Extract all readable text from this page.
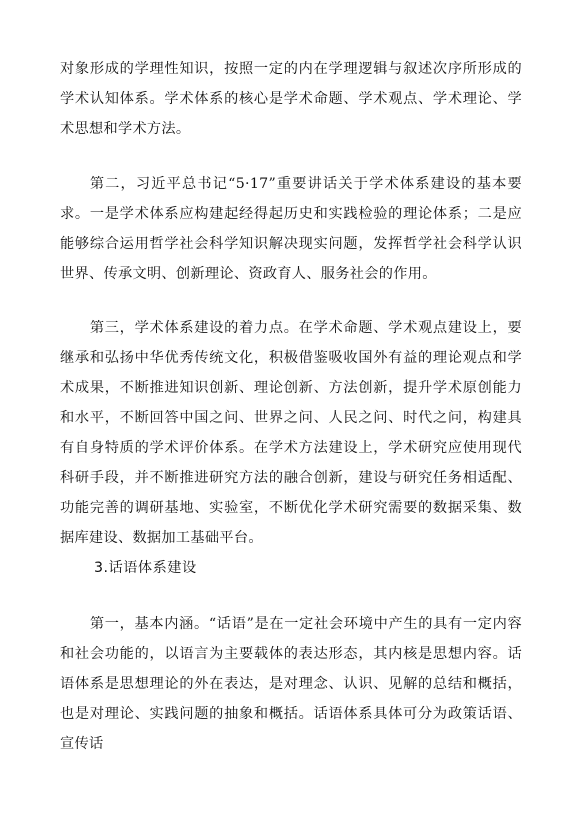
对象形成的学理性知识，按照一定的内在学理逻辑与叙述次序所形成的学术认知体系。学术体系的核心是学术命题、学术观点、学术理论、学术思想和学术方法。

第二，习近平总书记“5·17”重要讲话关于学术体系建设的基本要求。一是学术体系应构建起经得起历史和实践检验的理论体系；二是应能够综合运用哲学社会科学知识解决现实问题，发挥哲学社会科学认识世界、传承文明、创新理论、资政育人、服务社会的作用。

第三，学术体系建设的着力点。在学术命题、学术观点建设上，要继承和弘扬中华优秀传统文化，积极借鉴吸收国外有益的理论观点和学术成果，不断推进知识创新、理论创新、方法创新，提升学术原创能力和水平，不断回答中国之问、世界之问、人民之问、时代之问，构建具有自身特质的学术评价体系。在学术方法建设上，学术研究应使用现代科研手段，并不断推进研究方法的融合创新，建设与研究任务相适配、功能完善的调研基地、实验室，不断优化学术研究需要的数据采集、数据库建设、数据加工基础平台。

3.话语体系建设

第一，基本内涵。“话语”是在一定社会环境中产生的具有一定内容和社会功能的，以语言为主要载体的表达形态，其内核是思想内容。话语体系是思想理论的外在表达，是对理念、认识、见解的总结和概括，也是对理论、实践问题的抽象和概括。话语体系具体可分为政策话语、宣传话
